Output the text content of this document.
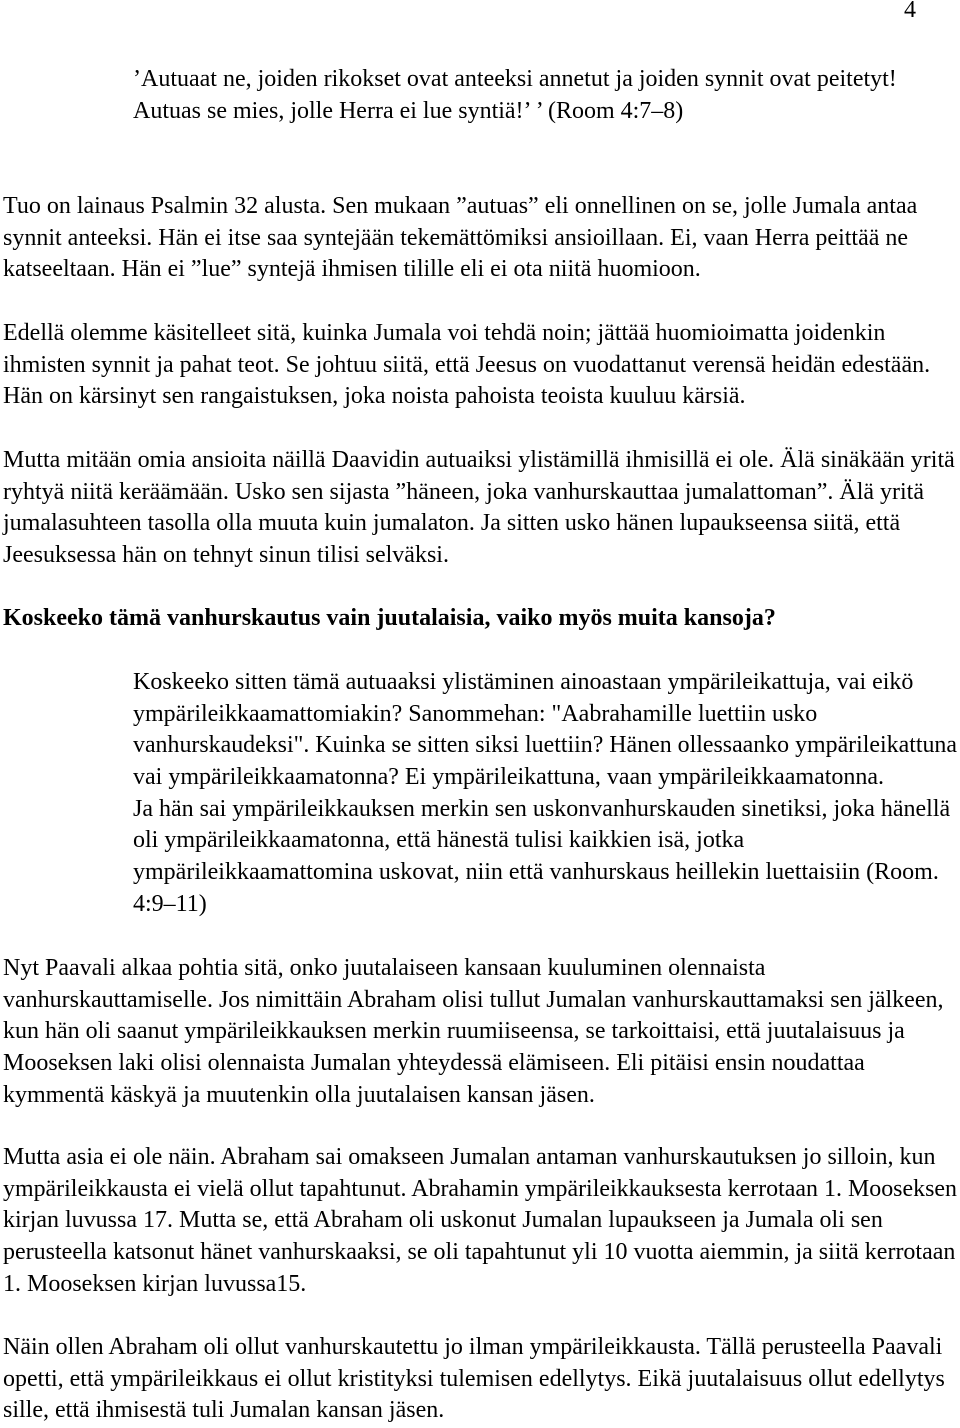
4
’Autuaat ne, joiden rikokset ovat anteeksi annetut ja joiden synnit ovat peitetyt!
Autuas se mies, jolle Herra ei lue syntiä!’ ’ (Room 4:7–8)
Tuo on lainaus Psalmin 32 alusta. Sen mukaan ”autuas” eli onnellinen on se, jolle Jumala antaa
synnit anteeksi. Hän ei itse saa syntejään tekemättömiksi ansioillaan. Ei, vaan Herra peittää ne
katseeltaan. Hän ei ”lue” syntejä ihmisen tilille eli ei ota niitä huomioon.
Edellä olemme käsitelleet sitä, kuinka Jumala voi tehdä noin; jättää huomioimatta joidenkin
ihmisten synnit ja pahat teot. Se johtuu siitä, että Jeesus on vuodattanut verensä heidän edestään.
Hän on kärsinyt sen rangaistuksen, joka noista pahoista teoista kuuluu kärsiä.
Mutta mitään omia ansioita näillä Daavidin autuaiksi ylistämillä ihmisillä ei ole. Älä sinäkään yritä
ryhtyä niitä keräämään. Usko sen sijasta ”häneen, joka vanhurskauttaa jumalattoman”. Älä yritä
jumalasuhteen tasolla olla muuta kuin jumalaton. Ja sitten usko hänen lupaukseensa siitä, että
Jeesuksessa hän on tehnyt sinun tilisi selväksi.
Koskeeko tämä vanhurskautus vain juutalaisia, vaiko myös muita kansoja?
Koskeeko sitten tämä autuaaksi ylistäminen ainoastaan ympärileikattuja, vai eikö
ympärileikkaamattomiakin? Sanommehan: "Aabrahamille luettiin usko
vanhurskaudeksi". Kuinka se sitten siksi luettiin? Hänen ollessaanko ympärileikattuna
vai ympärileikkaamatonna? Ei ympärileikattuna, vaan ympärileikkaamatonna.
Ja hän sai ympärileikkauksen merkin sen uskonvanhurskauden sinetiksi, joka hänellä
oli ympärileikkaamatonna, että hänestä tulisi kaikkien isä, jotka
ympärileikkaamattomina uskovat, niin että vanhurskaus heillekin luettaisiin (Room.
4:9–11)
Nyt Paavali alkaa pohtia sitä, onko juutalaiseen kansaan kuuluminen olennaista
vanhurskauttamiselle. Jos nimittäin Abraham olisi tullut Jumalan vanhurskauttamaksi sen jälkeen,
kun hän oli saanut ympärileikkauksen merkin ruumiiseensa, se tarkoittaisi, että juutalaisuus ja
Mooseksen laki olisi olennaista Jumalan yhteydessä elämiseen. Eli pitäisi ensin noudattaa
kymmentä käskyä ja muutenkin olla juutalaisen kansan jäsen.
Mutta asia ei ole näin. Abraham sai omakseen Jumalan antaman vanhurskautuksen jo silloin, kun
ympärileikkausta ei vielä ollut tapahtunut. Abrahamin ympärileikkauksesta kerrotaan 1. Mooseksen
kirjan luvussa 17. Mutta se, että Abraham oli uskonut Jumalan lupaukseen ja Jumala oli sen
perusteella katsonut hänet vanhurskaaksi, se oli tapahtunut yli 10 vuotta aiemmin, ja siitä kerrotaan
1. Mooseksen kirjan luvussa15.
Näin ollen Abraham oli ollut vanhurskautettu jo ilman ympärileikkausta. Tällä perusteella Paavali
opetti, että ympärileikkaus ei ollut kristityksi tulemisen edellytys. Eikä juutalaisuus ollut edellytys
sille, että ihmisestä tuli Jumalan kansan jäsen.
